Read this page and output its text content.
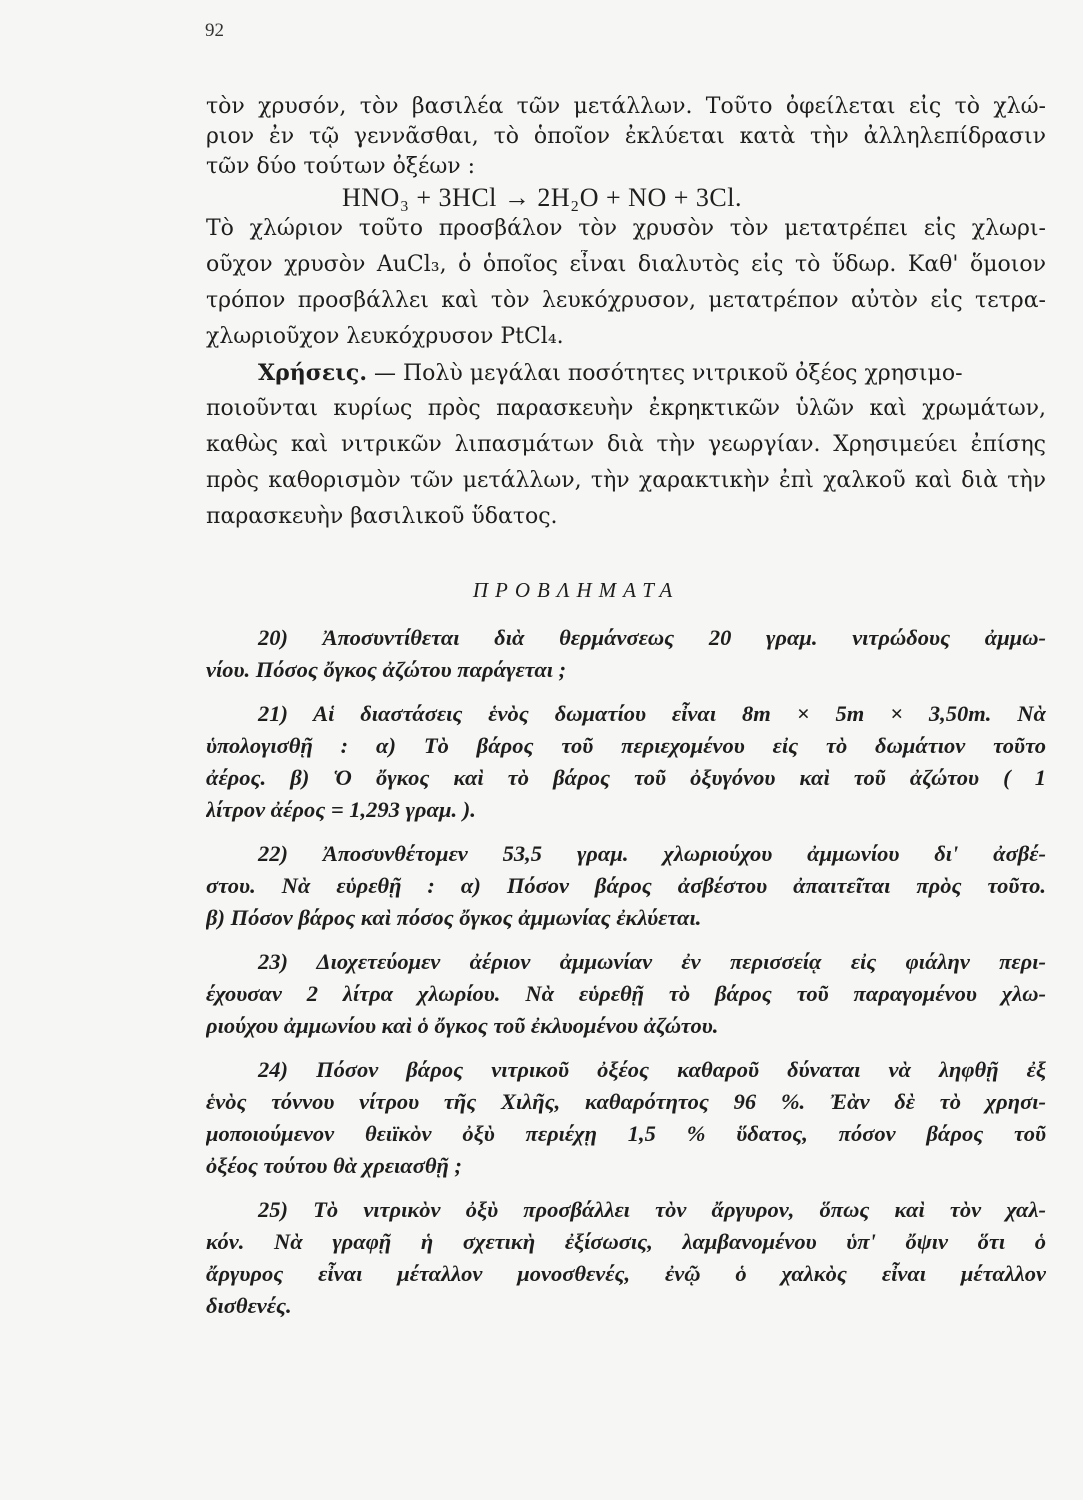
92
τὸν χρυσόν, τὸν βασιλέα τῶν μετάλλων. Τοῦτο ὀφείλεται εἰς τὸ χλώ-
ριον ἐν τῷ γεννᾶσθαι, τὸ ὁποῖον ἐκλύεται κατὰ τὴν ἀλληλεπίδρασιν
τῶν δύο τούτων ὀξέων :
HNO₃ + 3HCl → 2H₂O + NO + 3Cl.
Τὸ χλώριον τοῦτο προσβάλον τὸν χρυσὸν τὸν μετατρέπει εἰς χλωρι-
οῦχον χρυσὸν AuCl₃, ὁ ὁποῖος εἶναι διαλυτὸς εἰς τὸ ὕδωρ. Καθ' ὅμοιον
τρόπον προσβάλλει καὶ τὸν λευκόχρυσον, μετατρέπον αὐτὸν εἰς τετρα-
χλωριοῦχον λευκόχρυσον PtCl₄.
Χρήσεις. — Πολὺ μεγάλαι ποσότητες νιτρικοῦ ὀξέος χρησιμο-
ποιοῦνται κυρίως πρὸς παρασκευὴν ἐκρηκτικῶν ὑλῶν καὶ χρωμάτων,
καθὼς καὶ νιτρικῶν λιπασμάτων διὰ τὴν γεωργίαν. Χρησιμεύει ἐπίσης
πρὸς καθορισμὸν τῶν μετάλλων, τὴν χαρακτικὴν ἐπὶ χαλκοῦ καὶ διὰ τὴν
παρασκευὴν βασιλικοῦ ὕδατος.
ΠΡΟΒΛΗΜΑΤΑ
20) Ἀποσυντίθεται διὰ θερμάνσεως 20 γραμ. νιτρώδους ἀμμω-
νίου. Πόσος ὄγκος ἀζώτου παράγεται ;
21) Αἱ διαστάσεις ἑνὸς δωματίου εἶναι 8m × 5m × 3,50m. Νὰ
ὑπολογισθῇ : α) Τὸ βάρος τοῦ περιεχομένου εἰς τὸ δωμάτιον τοῦτο
ἀέρος. β) Ὁ ὄγκος καὶ τὸ βάρος τοῦ ὀξυγόνου καὶ τοῦ ἀζώτου ( 1
λίτρον ἀέρος = 1,293 γραμ. ).
22) Ἀποσυνθέτομεν 53,5 γραμ. χλωριούχου ἀμμωνίου δι' ἀσβέ-
στου. Νὰ εὑρεθῇ : α) Πόσον βάρος ἀσβέστου ἀπαιτεῖται πρὸς τοῦτο.
β) Πόσον βάρος καὶ πόσος ὄγκος ἀμμωνίας ἐκλύεται.
23) Διοχετεύομεν ἀέριον ἀμμωνίαν ἐν περισσείᾳ εἰς φιάλην περι-
έχουσαν 2 λίτρα χλωρίου. Νὰ εὑρεθῇ τὸ βάρος τοῦ παραγομένου χλω-
ριούχου ἀμμωνίου καὶ ὁ ὄγκος τοῦ ἐκλυομένου ἀζώτου.
24) Πόσον βάρος νιτρικοῦ ὀξέος καθαροῦ δύναται νὰ ληφθῇ ἐξ
ἑνὸς τόννου νίτρου τῆς Χιλῆς, καθαρότητος 96 %. Ἐὰν δὲ τὸ χρησι-
μοποιούμενον θειϊκὸν ὀξὺ περιέχῃ 1,5 % ὕδατος, πόσον βάρος τοῦ
ὀξέος τούτου θὰ χρειασθῇ ;
25) Τὸ νιτρικὸν ὀξὺ προσβάλλει τὸν ἄργυρον, ὅπως καὶ τὸν χαλ-
κόν. Νὰ γραφῇ ἡ σχετικὴ ἐξίσωσις, λαμβανομένου ὑπ' ὄψιν ὅτι ὁ
ἄργυρος εἶναι μέταλλον μονοσθενές, ἐνῷ ὁ χαλκὸς εἶναι μέταλλον
δισθενές.
